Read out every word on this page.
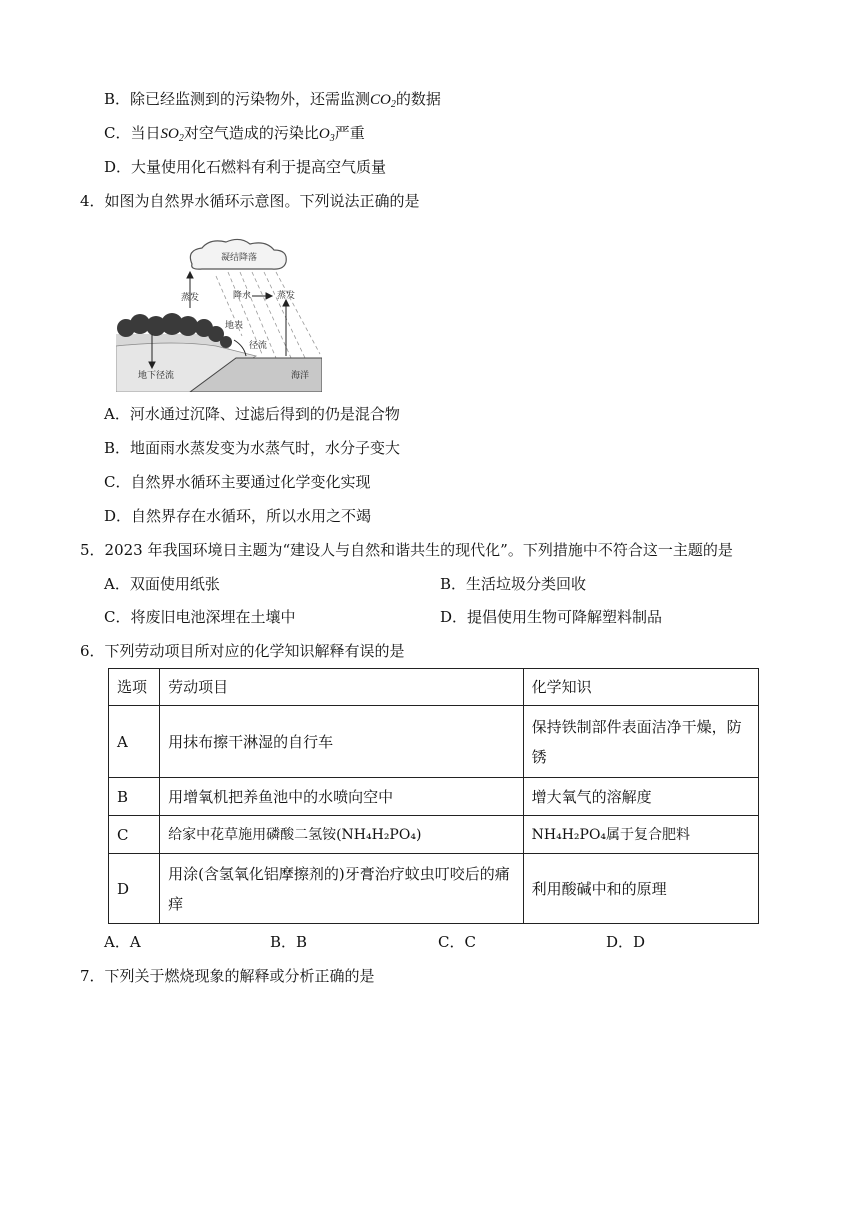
B．除已经监测到的污染物外，还需监测$CO_2$的数据
C．当日$SO_2$对空气造成的污染比$O_3$严重
D．大量使用化石燃料有利于提高空气质量
4．如图为自然界水循环示意图。下列说法正确的是
凝结降落
蒸发	降水	蒸发
地表
径流
地下径流	海洋
A．河水通过沉降、过滤后得到的仍是混合物
B．地面雨水蒸发变为水蒸气时，水分子变大
C．自然界水循环主要通过化学变化实现
D．自然界存在水循环，所以水用之不竭
5．2023 年我国环境日主题为“建设人与自然和谐共生的现代化”。下列措施中不符合这一主题的是
A．双面使用纸张	B．生活垃圾分类回收
C．将废旧电池深埋在土壤中	D．提倡使用生物可降解塑料制品
6．下列劳动项目所对应的化学知识解释有误的是
选项	劳动项目	化学知识
A	用抹布擦干淋湿的自行车	保持铁制部件表面洁净干燥，防锈
B	用增氧机把养鱼池中的水喷向空中	增大氧气的溶解度
C	给家中花草施用磷酸二氢铵(NH₄H₂PO₄)	NH₄H₂PO₄属于复合肥料
D	用涂(含氢氧化铝摩擦剂的)牙膏治疗蚊虫叮咬后的痛痒	利用酸碱中和的原理
A．A	B．B	C．C	D．D
7．下列关于燃烧现象的解释或分析正确的是
